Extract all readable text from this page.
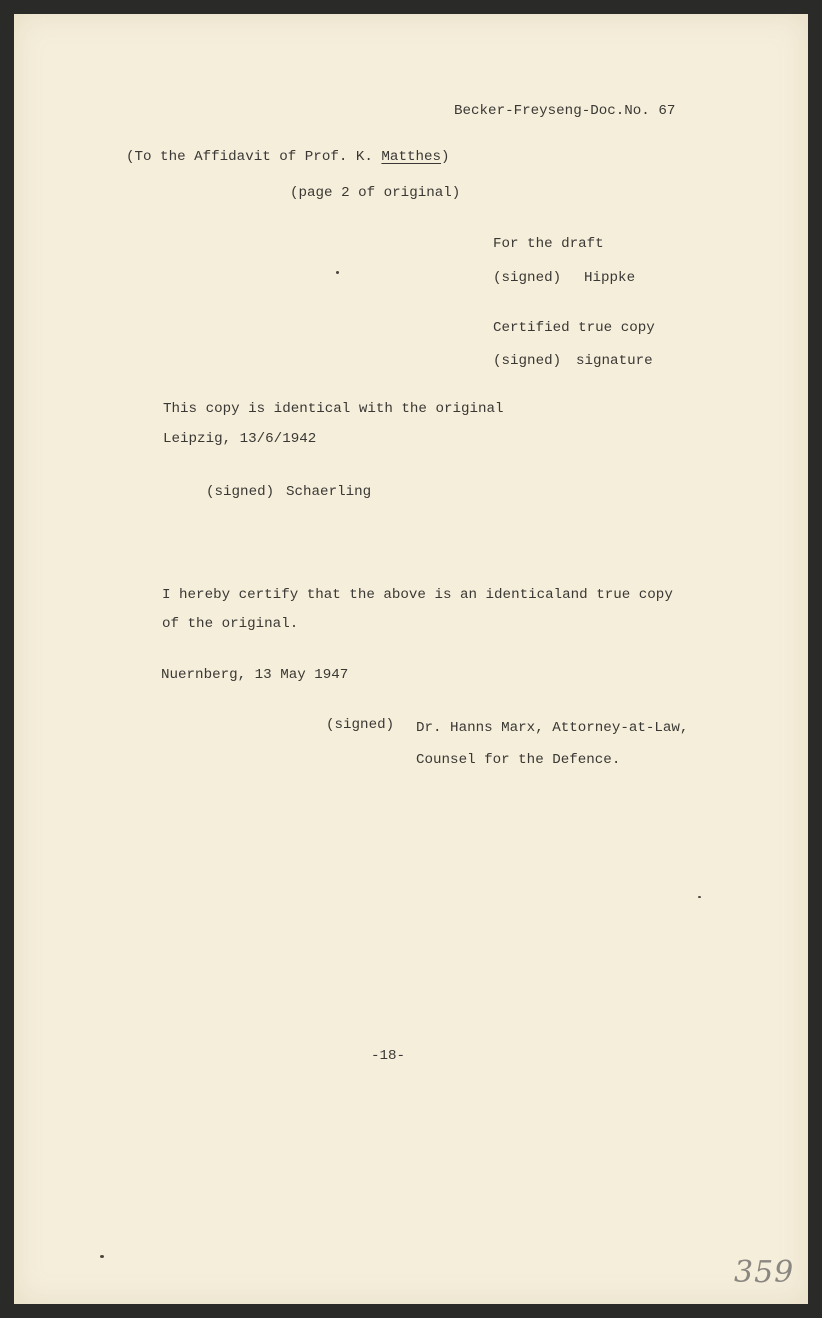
Becker-Freyseng-Doc.No. 67
(To the Affidavit of Prof. K. Matthes)
(page 2 of original)
For the draft
(signed) Hippke
Certified true copy
(signed) signature
This copy is identical with the original
Leipzig, 13/6/1942
(signed) Schaerling
I hereby certify that the above is an identicaland true copy
of the original.
Nuernberg, 13 May 1947
(signed) Dr. Hanns Marx, Attorney-at-Law,
Counsel for the Defence.
-18-
359
